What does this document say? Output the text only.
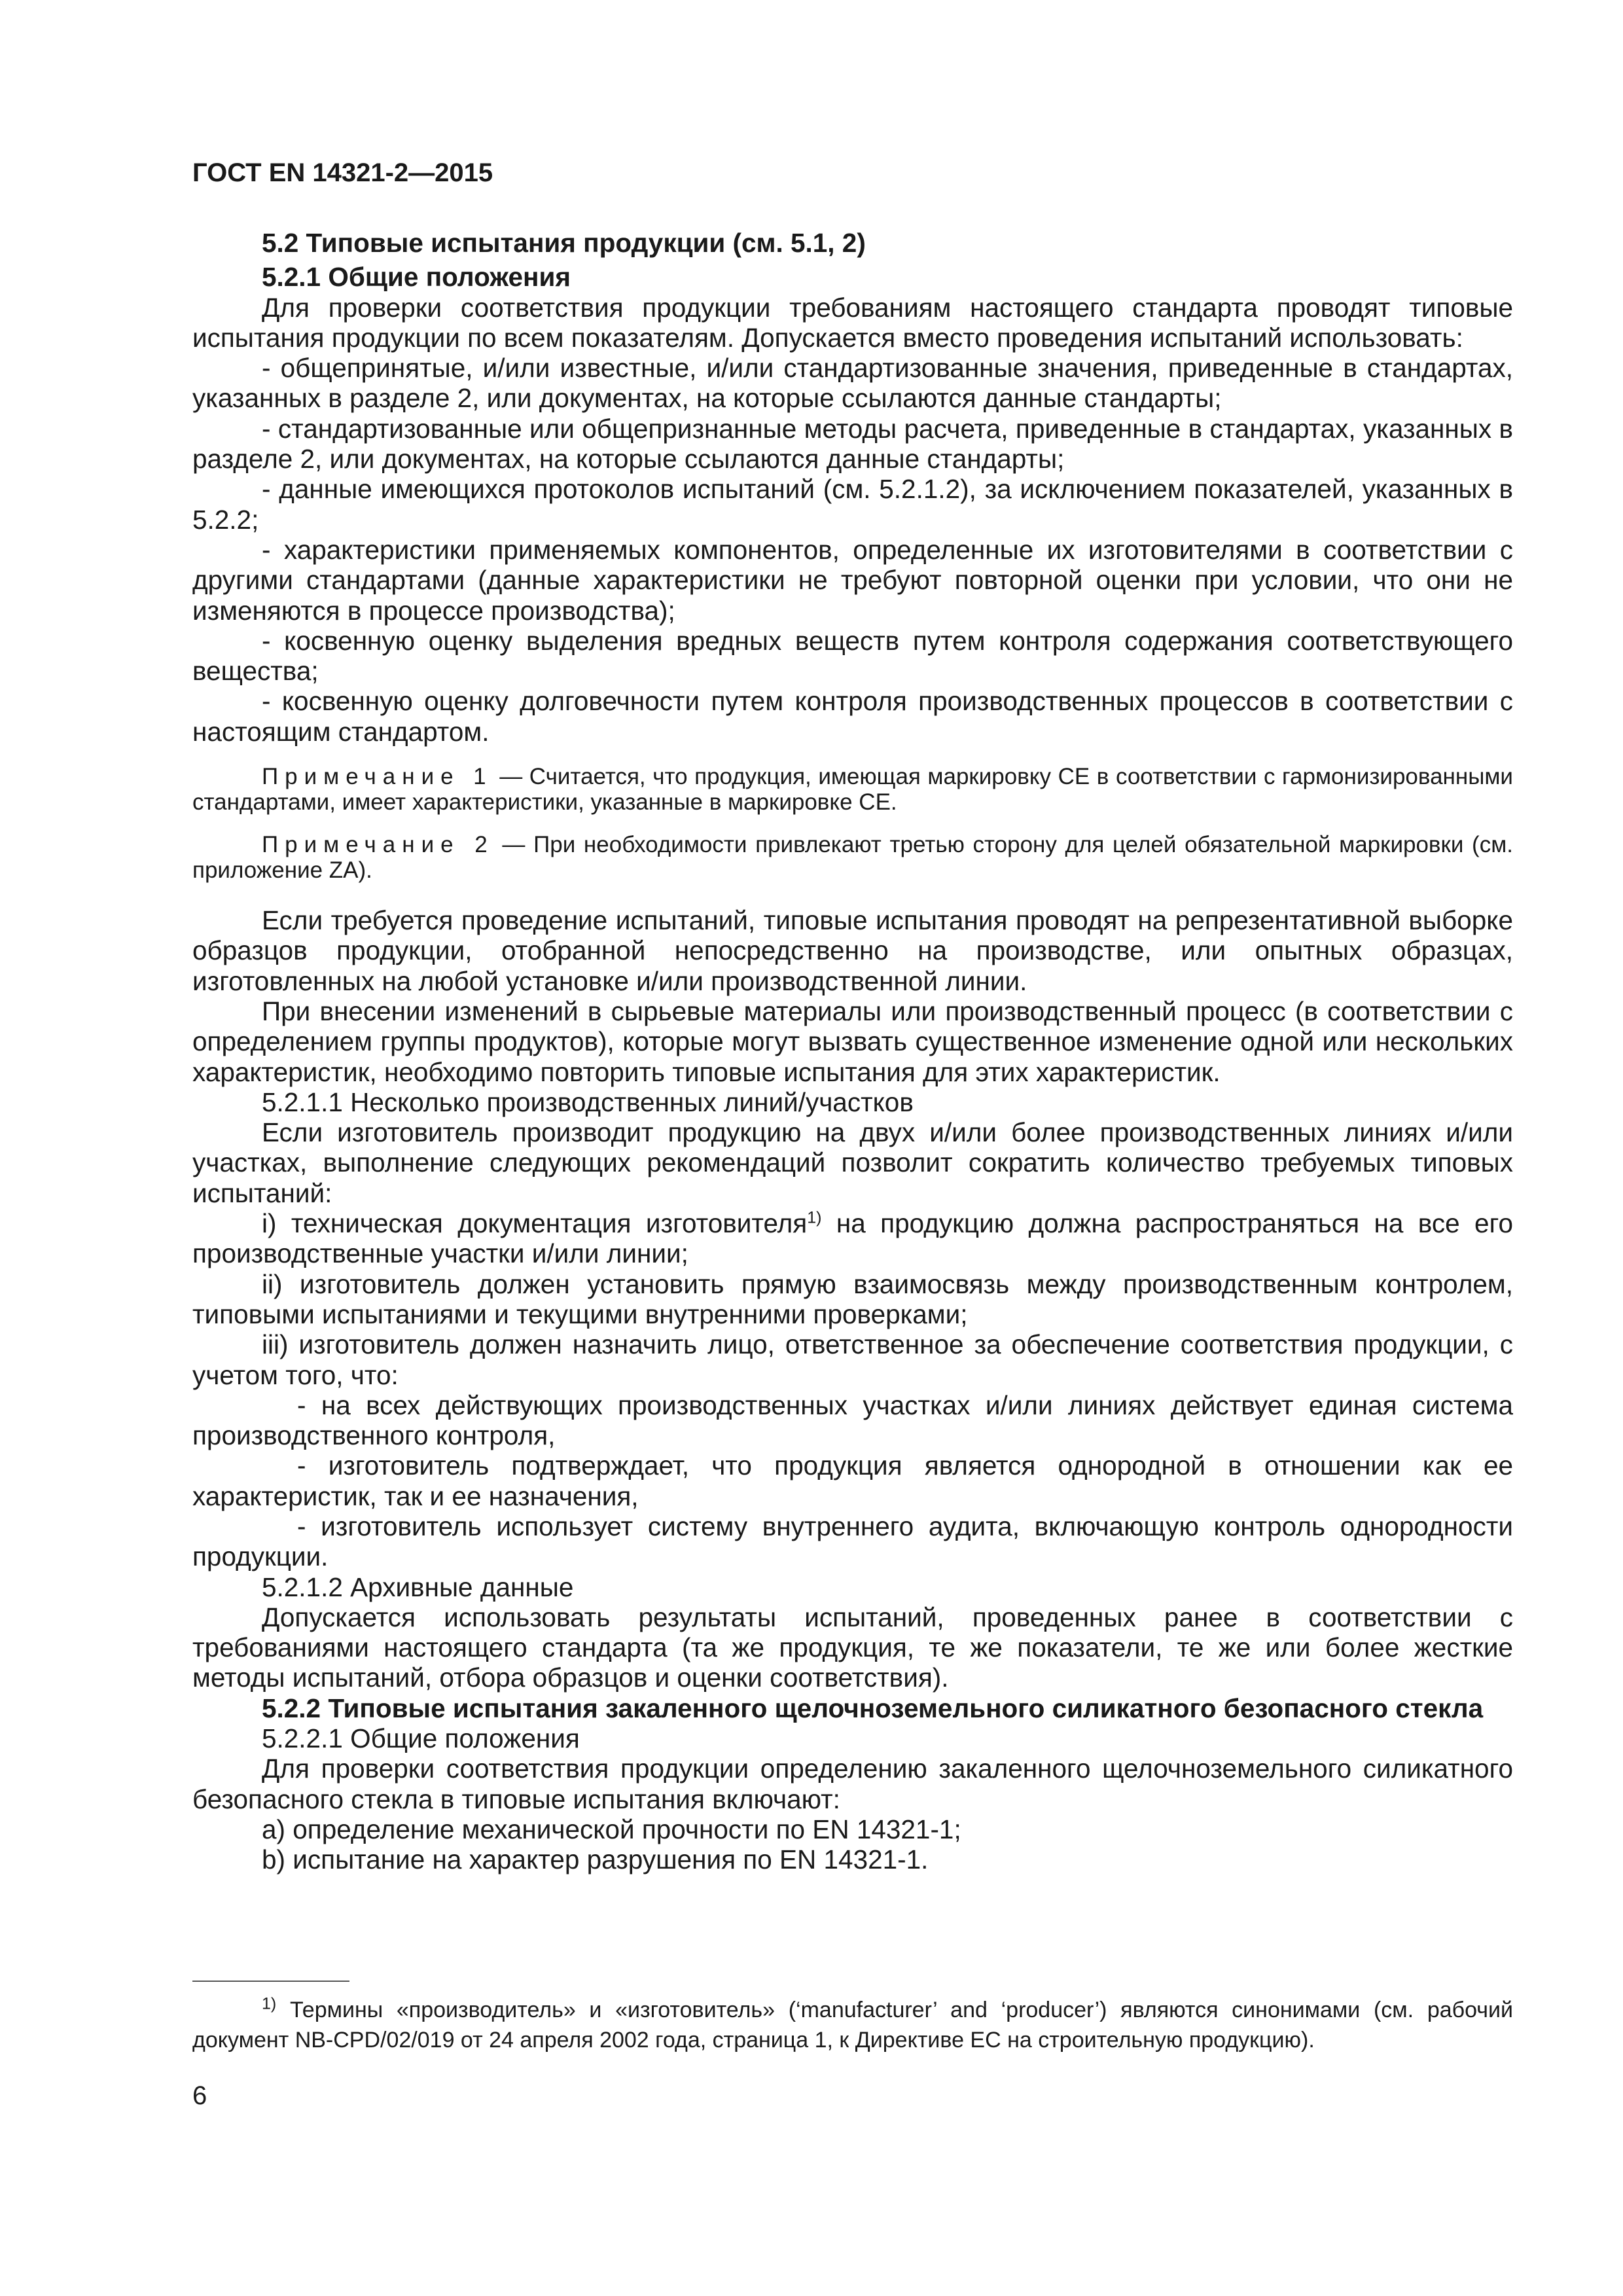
ГОСТ EN 14321-2—2015

5.2 Типовые испытания продукции (см. 5.1, 2)

5.2.1 Общие положения

Для проверки соответствия продукции требованиям настоящего стандарта проводят типовые испытания продукции по всем показателям. Допускается вместо проведения испытаний использовать:

- общепринятые, и/или известные, и/или стандартизованные значения, приведенные в стандартах, указанных в разделе 2, или документах, на которые ссылаются данные стандарты;

- стандартизованные или общепризнанные методы расчета, приведенные в стандартах, указанных в разделе 2, или документах, на которые ссылаются данные стандарты;

- данные имеющихся протоколов испытаний (см. 5.2.1.2), за исключением показателей, указанных в 5.2.2;

- характеристики применяемых компонентов, определенные их изготовителями в соответствии с другими стандартами (данные характеристики не требуют повторной оценки при условии, что они не изменяются в процессе производства);

- косвенную оценку выделения вредных веществ путем контроля содержания соответствующего вещества;

- косвенную оценку долговечности путем контроля производственных процессов в соответствии с настоящим стандартом.

Примечание 1 — Считается, что продукция, имеющая маркировку CE в соответствии с гармонизированными стандартами, имеет характеристики, указанные в маркировке CE.

Примечание 2 — При необходимости привлекают третью сторону для целей обязательной маркировки (см. приложение ZA).

Если требуется проведение испытаний, типовые испытания проводят на репрезентативной выборке образцов продукции, отобранной непосредственно на производстве, или опытных образцах, изготовленных на любой установке и/или производственной линии.

При внесении изменений в сырьевые материалы или производственный процесс (в соответствии с определением группы продуктов), которые могут вызвать существенное изменение одной или нескольких характеристик, необходимо повторить типовые испытания для этих характеристик.

5.2.1.1 Несколько производственных линий/участков

Если изготовитель производит продукцию на двух и/или более производственных линиях и/или участках, выполнение следующих рекомендаций позволит сократить количество требуемых типовых испытаний:

i) техническая документация изготовителя$^{1)}$ на продукцию должна распространяться на все его производственные участки и/или линии;

ii) изготовитель должен установить прямую взаимосвязь между производственным контролем, типовыми испытаниями и текущими внутренними проверками;

iii) изготовитель должен назначить лицо, ответственное за обеспечение соответствия продукции, с учетом того, что:

- на всех действующих производственных участках и/или линиях действует единая система производственного контроля,

- изготовитель подтверждает, что продукция является однородной в отношении как ее характеристик, так и ее назначения,

- изготовитель использует систему внутреннего аудита, включающую контроль однородности продукции.

5.2.1.2 Архивные данные

Допускается использовать результаты испытаний, проведенных ранее в соответствии с требованиями настоящего стандарта (та же продукция, те же показатели, те же или более жесткие методы испытаний, отбора образцов и оценки соответствия).

5.2.2 Типовые испытания закаленного щелочноземельного силикатного безопасного стекла

5.2.2.1 Общие положения

Для проверки соответствия продукции определению закаленного щелочноземельного силикатного безопасного стекла в типовые испытания включают:

a) определение механической прочности по EN 14321-1;

b) испытание на характер разрушения по EN 14321-1.

$^{1)}$ Термины «производитель» и «изготовитель» (‘manufacturer’ and ‘producer’) являются синонимами (см. рабочий документ NB-CPD/02/019 от 24 апреля 2002 года, страница 1, к Директиве ЕС на строительную продукцию).

6
